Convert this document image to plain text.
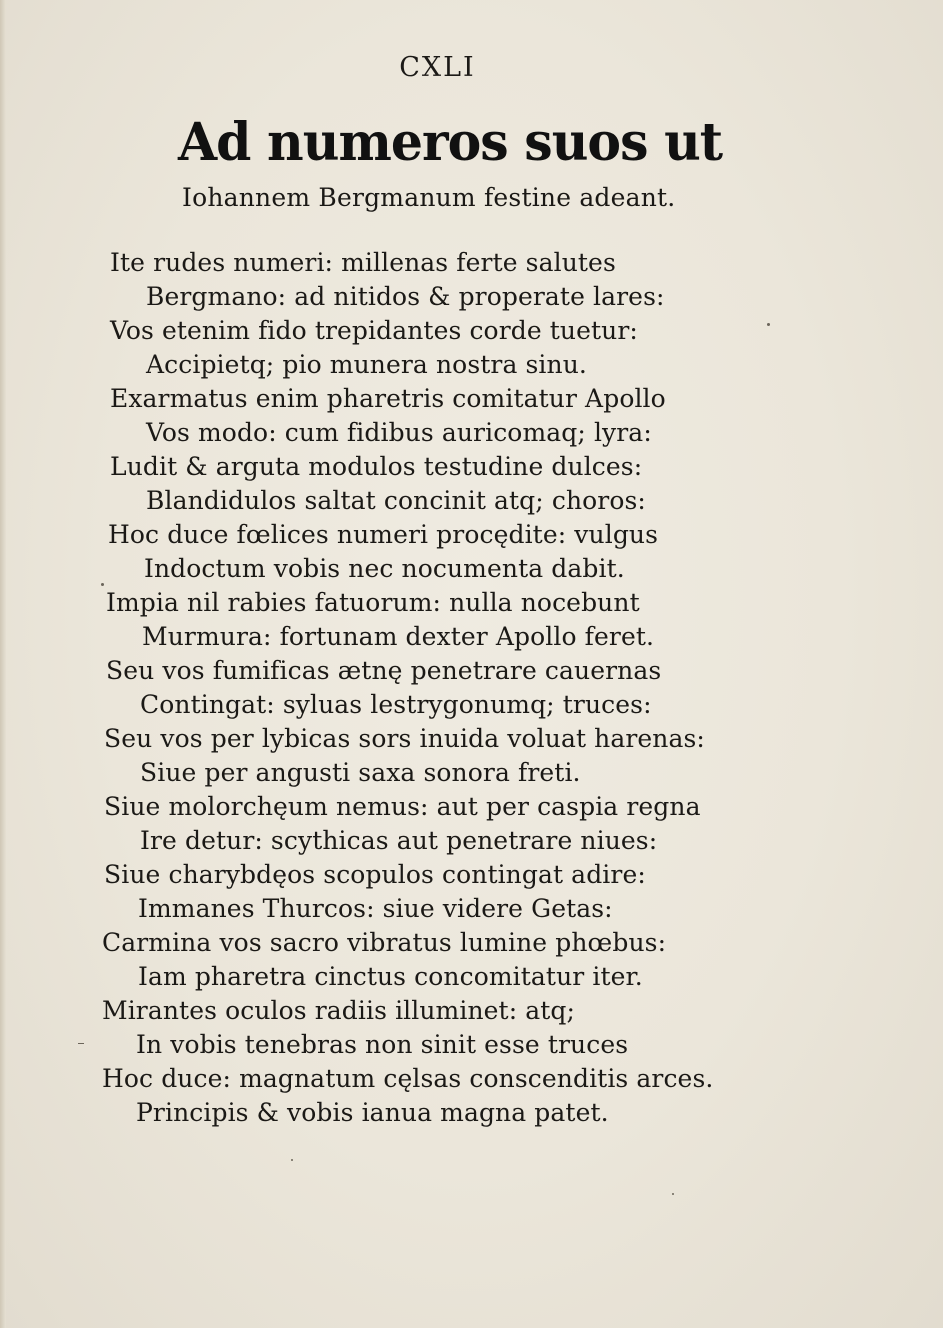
CXLI
Ad numeros suos ut
Iohannem Bergmanum festine adeant.
Ite rudes numeri: millenas ferte salutes
Bergmano: ad nitidos & properate lares:
Vos etenim fido trepidantes corde tuetur:
Accipietq; pio munera nostra sinu.
Exarmatus enim pharetris comitatur Apollo
Vos modo: cum fidibus auricomaq; lyra:
Ludit & arguta modulos testudine dulces:
Blandidulos saltat concinit atq; choros:
Hoc duce fœlices numeri procędite: vulgus
Indoctum vobis nec nocumenta dabit.
Impia nil rabies fatuorum: nulla nocebunt
Murmura: fortunam dexter Apollo feret.
Seu vos fumificas ætnę penetrare cauernas
Contingat: syluas lestrygonumq; truces:
Seu vos per lybicas sors inuida voluat harenas:
Siue per angusti saxa sonora freti.
Siue molorchęum nemus: aut per caspia regna
Ire detur: scythicas aut penetrare niues:
Siue charybdęos scopulos contingat adire:
Immanes Thurcos: siue videre Getas:
Carmina vos sacro vibratus lumine phœbus:
Iam pharetra cinctus concomitatur iter.
Mirantes oculos radiis illuminet: atq;
In vobis tenebras non sinit esse truces
Hoc duce: magnatum cęlsas conscenditis arces.
Principis & vobis ianua magna patet.
